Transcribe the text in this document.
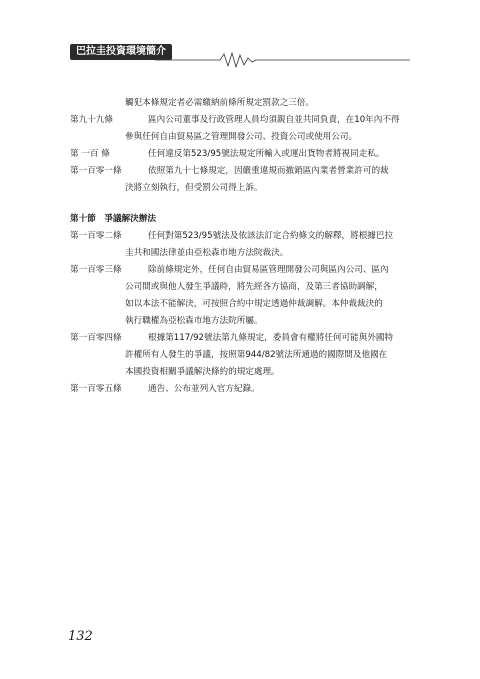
巴拉圭投資環境簡介
觸犯本條規定者必需繳納前條所規定罰款之三倍。
第九十九條	區內公司董事及行政管理人員均須親自並共同負責，在10年內不得
參與任何自由貿易區之管理開發公司、投資公司或使用公司。
第 一百 條	任何違反第523/95號法規定所輸入或運出貨物者將視同走私。
第一百零一條	依照第九十七條規定，因嚴重違規而撤銷區內業者營業許可的裁
決將立刻執行，但受罰公司得上訴。
第十節　爭議解決辦法
第一百零二條	任何對第523/95號法及依該法訂定合約條文的解釋，將根據巴拉
圭共和國法律並由亞松森市地方法院裁決。
第一百零三條	除前條規定外，任何自由貿易區管理開發公司與區內公司、區內
公司間或與他人發生爭議時，將先經各方協商，及第三者協助調解，
如以本法不能解決，可按照合約中規定透過仲裁調解。本仲裁裁決的
執行職權為亞松森市地方法院所屬。
第一百零四條	根據第117/92號法第九條規定，委員會有權將任何可能與外國特
許權所有人發生的爭議，按照第944/82號法所通過的國際間及他國在
本國投資相關爭議解決條約的規定處理。
第一百零五條	通告、公布並列入官方紀錄。
132
